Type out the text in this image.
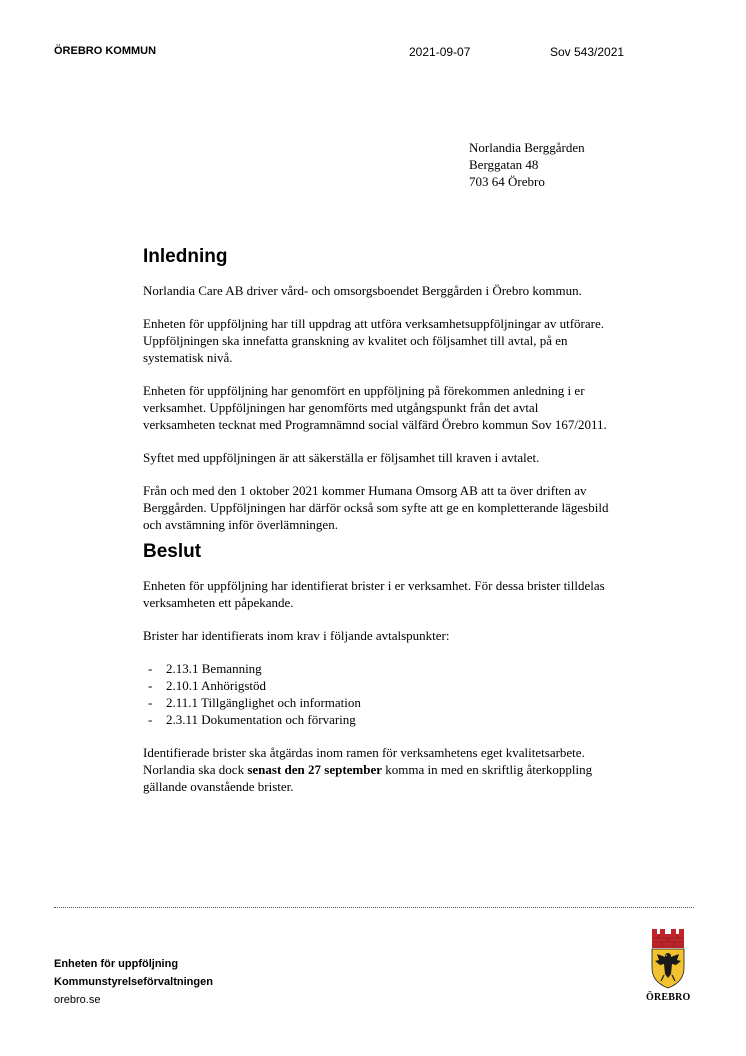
ÖREBRO KOMMUN	2021-09-07	Sov 543/2021
Norlandia Berggården
Berggatan 48
703 64 Örebro
Inledning

Norlandia Care AB driver vård- och omsorgsboendet Berggården i Örebro kommun.

Enheten för uppföljning har till uppdrag att utföra verksamhetsuppföljningar av utförare. Uppföljningen ska innefatta granskning av kvalitet och följsamhet till avtal, på en systematisk nivå.

Enheten för uppföljning har genomfört en uppföljning på förekommen anledning i er verksamhet. Uppföljningen har genomförts med utgångspunkt från det avtal verksamheten tecknat med Programnämnd social välfärd Örebro kommun Sov 167/2011.

Syftet med uppföljningen är att säkerställa er följsamhet till kraven i avtalet.

Från och med den 1 oktober 2021 kommer Humana Omsorg AB att ta över driften av Berggården. Uppföljningen har därför också som syfte att ge en kompletterande lägesbild och avstämning inför överlämningen.

Beslut

Enheten för uppföljning har identifierat brister i er verksamhet. För dessa brister tilldelas verksamheten ett påpekande.

Brister har identifierats inom krav i följande avtalspunkter:

- 2.13.1 Bemanning
- 2.10.1 Anhörigstöd
- 2.11.1 Tillgänglighet och information
- 2.3.11 Dokumentation och förvaring

Identifierade brister ska åtgärdas inom ramen för verksamhetens eget kvalitetsarbete. Norlandia ska dock senast den 27 september komma in med en skriftlig återkoppling gällande ovanstående brister.

Enheten för uppföljning
Kommunstyrelseförvaltningen
orebro.se	ÖREBRO
